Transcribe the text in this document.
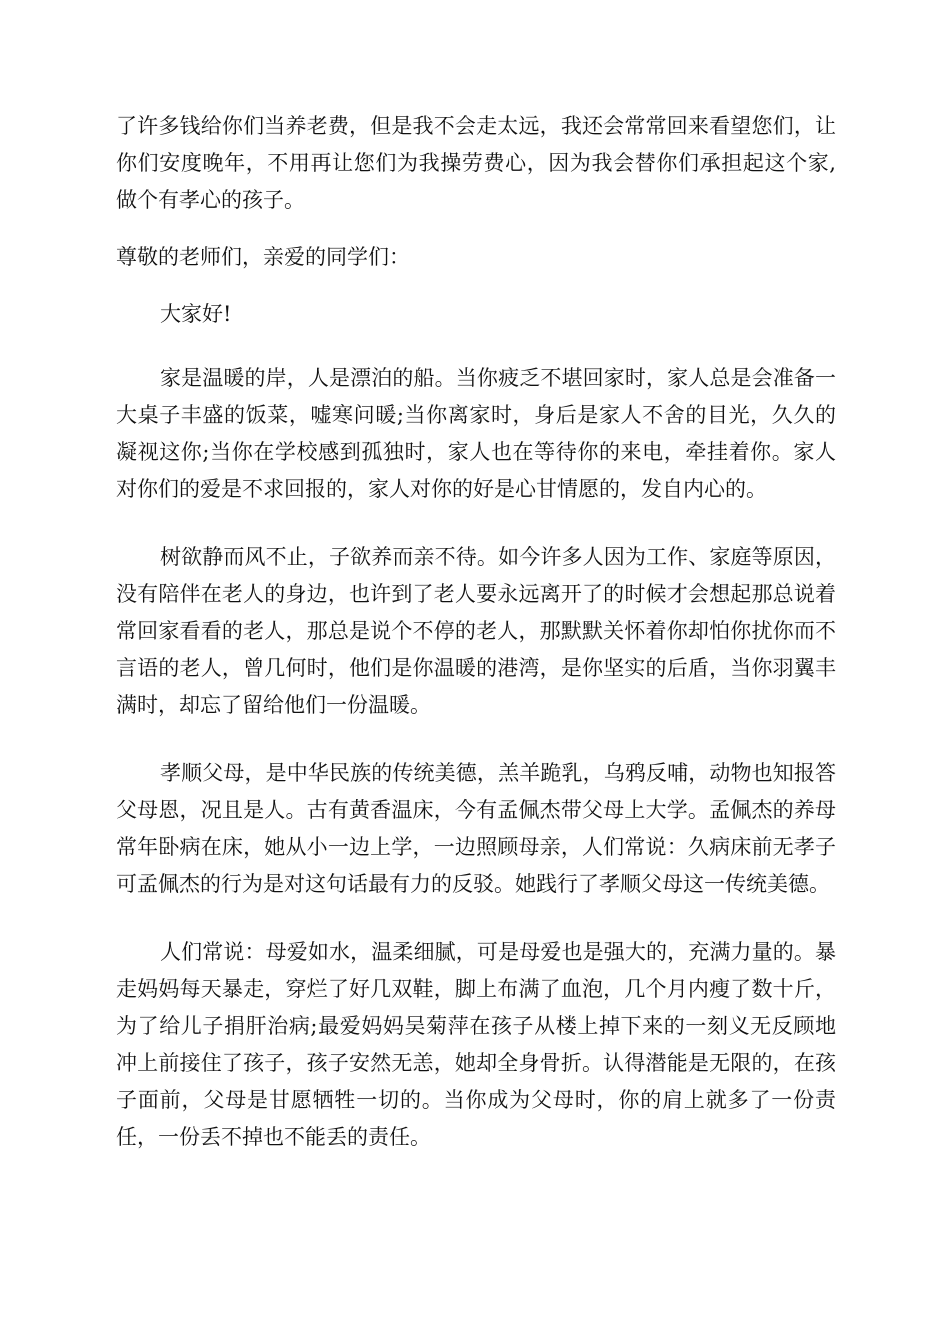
了许多钱给你们当养老费，但是我不会走太远，我还会常常回来看望您们，让你们安度晚年，不用再让您们为我操劳费心，因为我会替你们承担起这个家,做个有孝心的孩子。

尊敬的老师们，亲爱的同学们：

大家好!

家是温暖的岸，人是漂泊的船。当你疲乏不堪回家时，家人总是会准备一大桌子丰盛的饭菜，嘘寒问暖;当你离家时，身后是家人不舍的目光，久久的凝视这你;当你在学校感到孤独时，家人也在等待你的来电，牵挂着你。家人对你们的爱是不求回报的，家人对你的好是心甘情愿的，发自内心的。

树欲静而风不止，子欲养而亲不待。如今许多人因为工作、家庭等原因，没有陪伴在老人的身边，也许到了老人要永远离开了的时候才会想起那总说着常回家看看的老人，那总是说个不停的老人，那默默关怀着你却怕你扰你而不言语的老人，曾几何时，他们是你温暖的港湾，是你坚实的后盾，当你羽翼丰满时，却忘了留给他们一份温暖。

孝顺父母，是中华民族的传统美德，羔羊跪乳，乌鸦反哺，动物也知报答父母恩，况且是人。古有黄香温床，今有孟佩杰带父母上大学。孟佩杰的养母常年卧病在床，她从小一边上学，一边照顾母亲，人们常说：久病床前无孝子可孟佩杰的行为是对这句话最有力的反驳。她践行了孝顺父母这一传统美德。

人们常说：母爱如水，温柔细腻，可是母爱也是强大的，充满力量的。暴走妈妈每天暴走，穿烂了好几双鞋，脚上布满了血泡，几个月内瘦了数十斤，为了给儿子捐肝治病;最爱妈妈吴菊萍在孩子从楼上掉下来的一刻义无反顾地冲上前接住了孩子，孩子安然无恙，她却全身骨折。认得潜能是无限的，在孩子面前，父母是甘愿牺牲一切的。当你成为父母时，你的肩上就多了一份责任，一份丢不掉也不能丢的责任。
